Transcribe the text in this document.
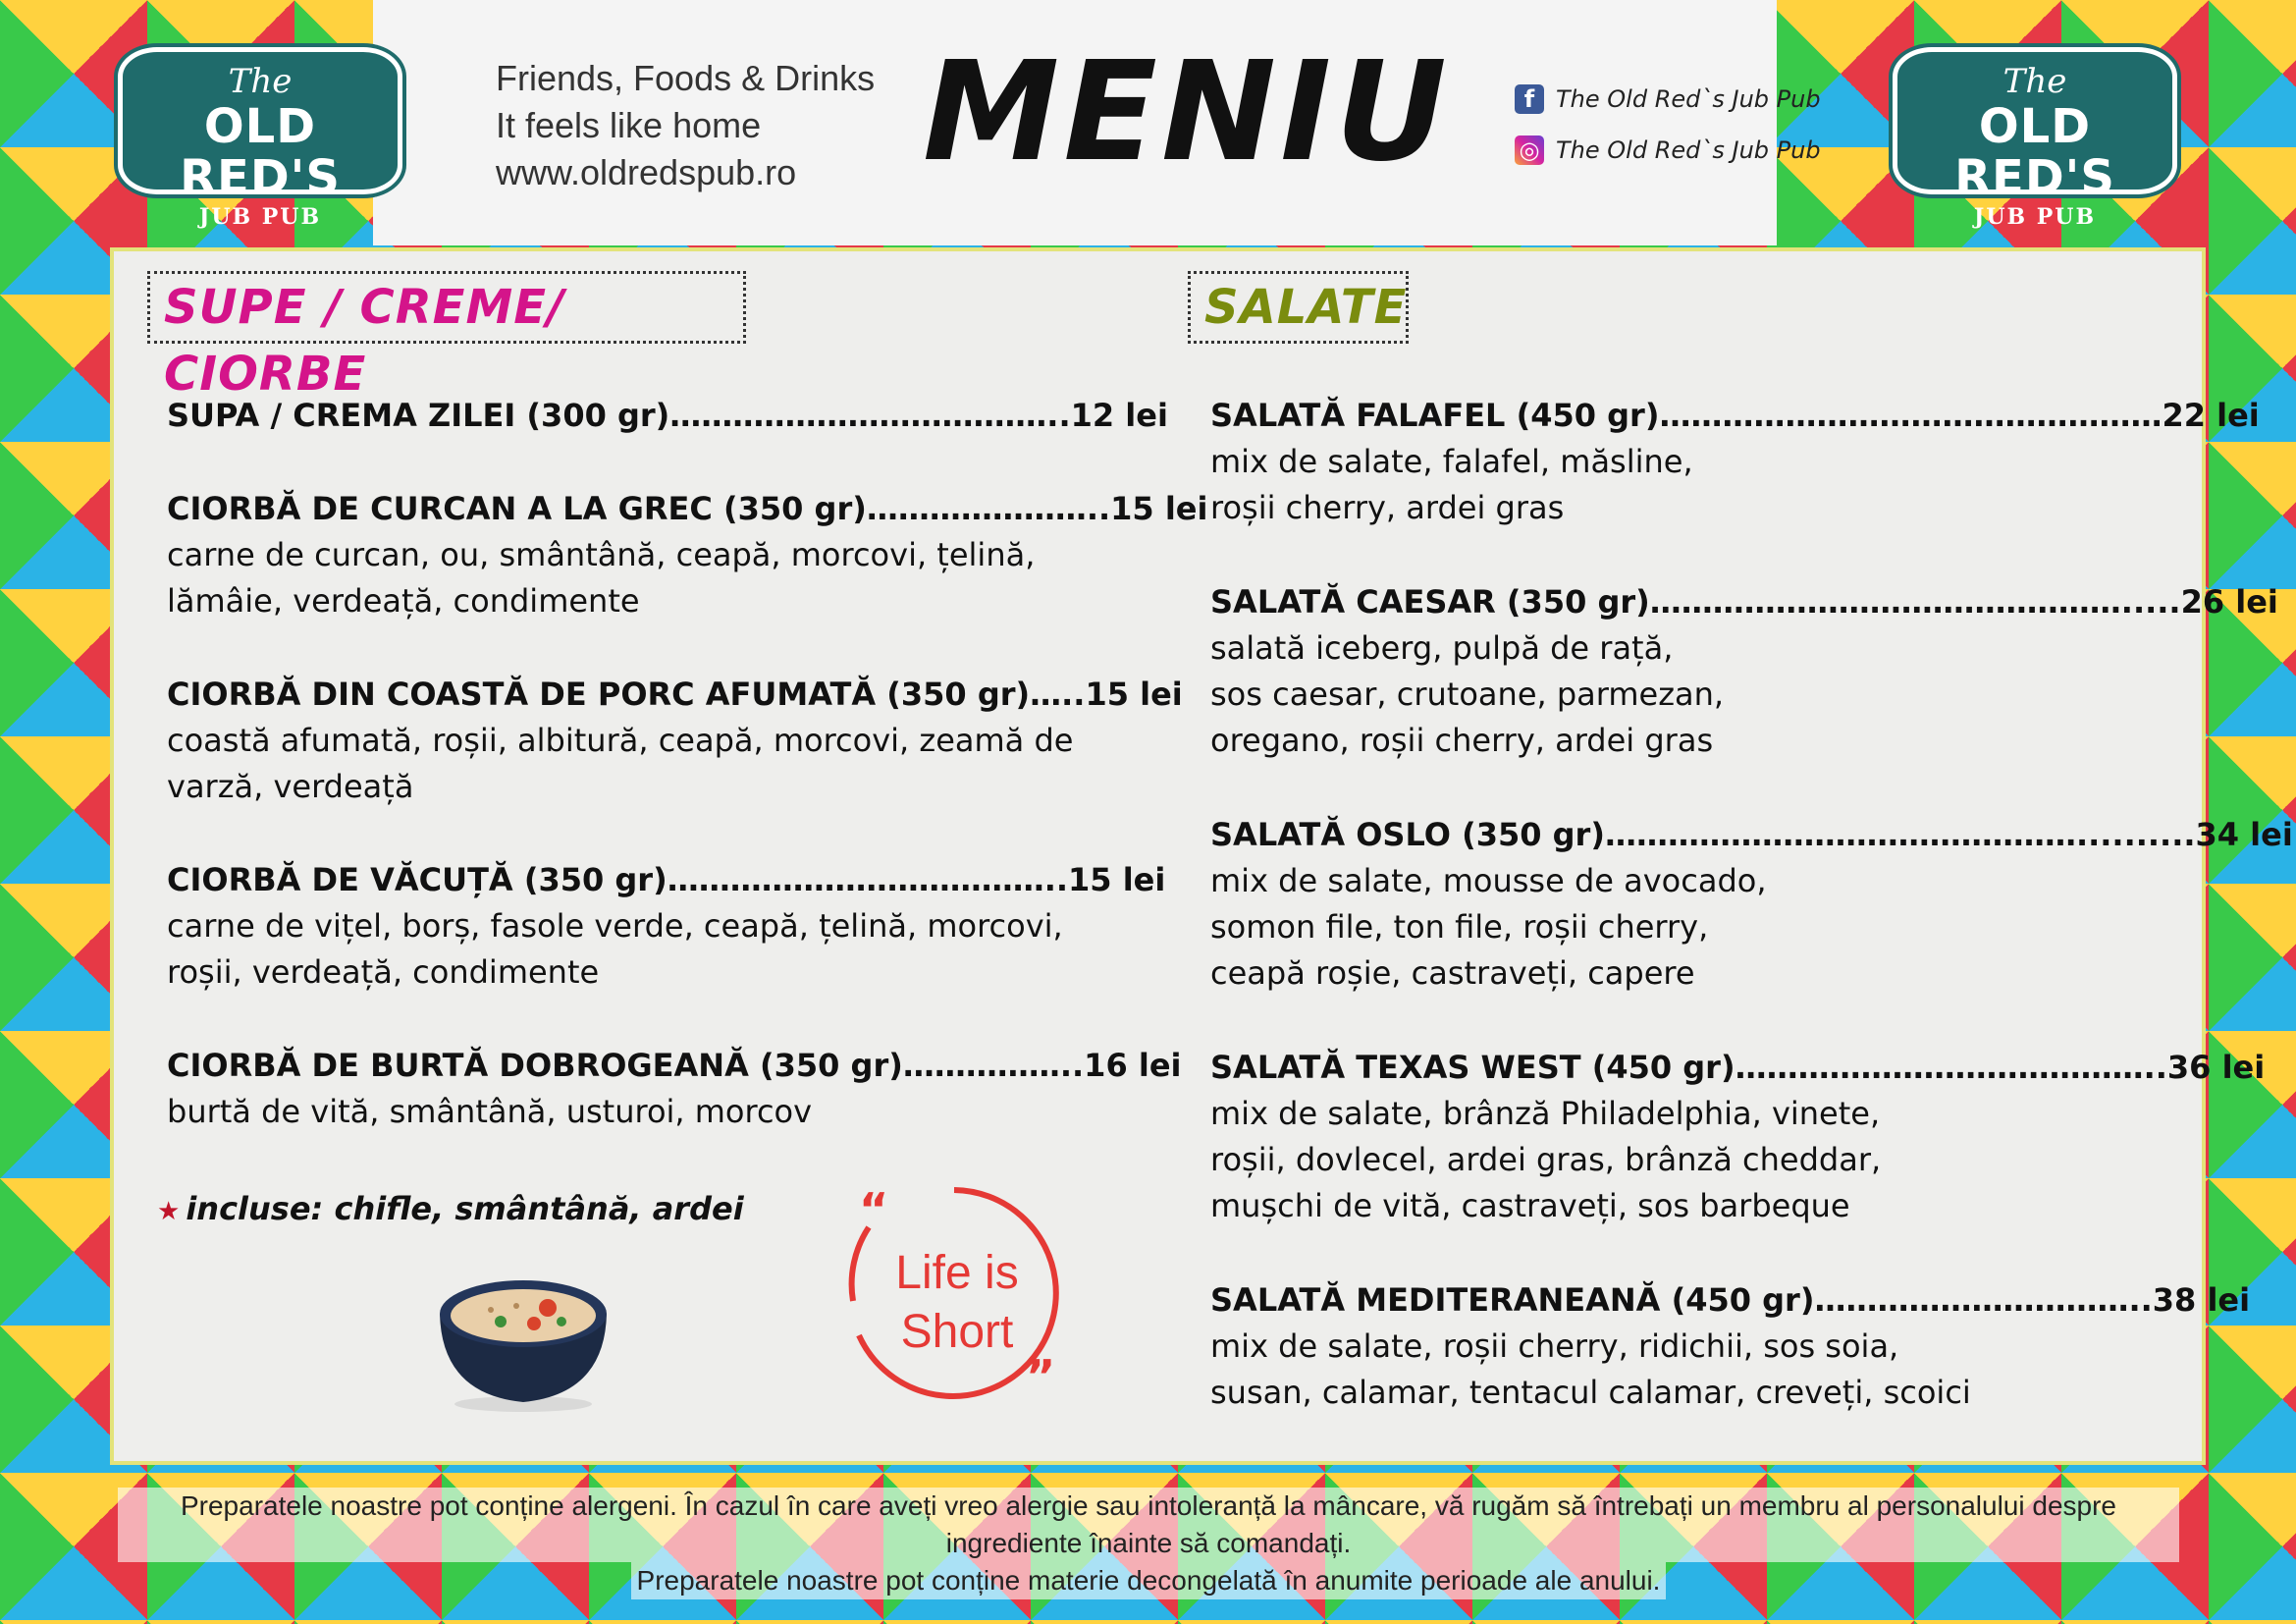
The
OLD RED'S
JUB PUB
The
OLD RED'S
JUB PUB
Friends, Foods & Drinks
It feels like home
www.oldredspub.ro MENIU	f The Old Red`s Jub Pub
◎ The Old Red`s Jub Pub
SUPE / CREME/ CIORBE
SALATE
SUPA / CREMA ZILEI (300 gr)………………………………..12 lei
CIORBĂ DE CURCAN A LA GREC (350 gr)…………………..15 lei
carne de curcan, ou, smântână, ceapă, morcovi, țelină,
lămâie, verdeață, condimente
CIORBĂ DIN COASTĂ DE PORC AFUMATĂ (350 gr)…..15 lei
coastă afumată, roșii, albitură, ceapă, morcovi, zeamă de
varză, verdeață
CIORBĂ DE VĂCUȚĂ (350 gr)………………………………..15 lei
carne de vițel, borș, fasole verde, ceapă, țelină, morcovi,
roșii, verdeață, condimente
CIORBĂ DE BURTĂ DOBROGEANĂ (350 gr)……………..16 lei
burtă de vită, smântână, usturoi, morcov
★ incluse: chifle, smântână, ardei
SALATĂ FALAFEL (450 gr)…………………………………………22 lei
mix de salate, falafel, măsline,
roșii cherry, ardei gras
SALATĂ CAESAR (350 gr)……………………………………….....26 lei
salată iceberg, pulpă de rață,
sos caesar, crutoane, parmezan,
oregano, roșii cherry, ardei gras
SALATĂ OSLO (350 gr)………………………………………..........34 lei
mix de salate, mousse de avocado,
somon file, ton file, roșii cherry,
ceapă roșie, castraveți, capere
SALATĂ TEXAS WEST (450 gr)…………………………………..36 lei
mix de salate, brânză Philadelphia, vinete,
roșii, dovlecel, ardei gras, brânză cheddar,
mușchi de vită, castraveți, sos barbeque
SALATĂ MEDITERANEANĂ (450 gr)…………………………..38 lei
mix de salate, roșii cherry, ridichii, sos soia,
susan, calamar, tentacul calamar, creveți, scoici
“
”
Life is
Short
Preparatele noastre pot conține alergeni. În cazul în care aveți vreo alergie sau intoleranță la mâncare, vă rugăm să întrebați un membru al personalului despre ingrediente înainte să comandați.
Preparatele noastre pot conține materie decongelată în anumite perioade ale anului.
